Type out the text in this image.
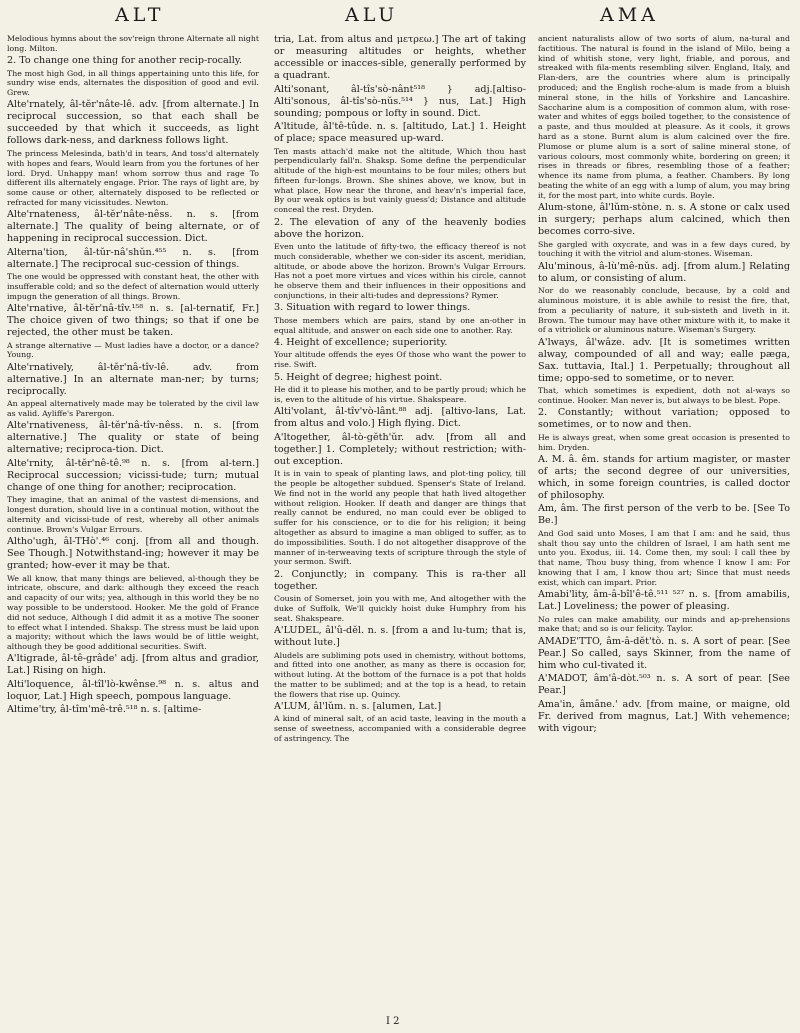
ALT	ALU	AMA

Melodious hymns about the sov'reign throne Alternate all night long. Milton.

2. To change one thing for another recip-rocally.

The most high God, in all things appertaining unto this life, for sundry wise ends, alternates the disposition of good and evil. Grew.

Alte'rnately, âl-tĕr'nâte-lê. adv. [from alternate.] In reciprocal succession, so that each shall be succeeded by that which it succeeds, as light follows dark-ness, and darkness follows light.

The princess Melesinda, bath'd in tears, And toss'd alternately with hopes and fears, Would learn from you the fortunes of her lord. Dryd. Unhappy man! whom sorrow thus and rage To different ills alternately engage. Prior. The rays of light are, by some cause or other, alternately disposed to be reflected or refracted for many vicissitudes. Newton.

Alte'rnateness, âl-tĕr'nâte-nêss. n. s. [from alternate.] The quality of being alternate, or of happening in reciprocal succession. Dict.

Alterna'tion, âl-tŭr-nâ'shŭn.⁴⁵⁵ n. s. [from alternate.] The reciprocal suc-cession of things.

The one would be oppressed with constant heat, the other with insufferable cold; and so the defect of alternation would utterly impugn the generation of all things. Brown.

Alte'rnative, âl-tĕr'nâ-tîv.¹⁵⁸ n. s. [al-ternatif, Fr.] The choice given of two things; so that if one be rejected, the other must be taken.

A strange alternative — Must ladies have a doctor, or a dance? Young.

Alte'rnatively, âl-tĕr'nâ-tîv-lê. adv. from alternative.] In an alternate man-ner; by turns; reciprocally.

An appeal alternatively made may be tolerated by the civil law as valid. Ayliffe's Parergon.

Alte'rnativeness, âl-tĕr'nâ-tîv-nêss. n. s. [from alternative.] The quality or state of being alternative; reciproca-tion. Dict.

Alte'rnity, âl-tĕr'nê-tê.⁹⁸ n. s. [from al-tern.] Reciprocal succession; vicissi-tude; turn; mutual change of one thing for another; reciprocation.

They imagine, that an animal of the vastest di-mensions, and longest duration, should live in a continual motion, without the alternity and vicissi-tude of rest, whereby all other animals continue. Brown's Vulgar Errours.

Altho'ugh, âl-THò'.⁴⁶ conj. [from all and though. See Though.] Notwithstand-ing; however it may be granted; how-ever it may be that.

We all know, that many things are believed, al-though they be intricate, obscure, and dark: although they exceed the reach and capacity of our wits; yea, although in this world they be no way possible to be understood. Hooker. Me the gold of France did not seduce, Although I did admit it as a motive The sooner to effect what I intended. Shaksp. The stress must be laid upon a majority; without which the laws would be of little weight, although they be good additional securities. Swift.

A'ltigrade, âl-tê-grâde' adj. [from altus and gradior, Lat.] Rising on high.

Alti'loquence, âl-tîl'lò-kwênse.⁹⁸ n. s. altus and loquor, Lat.] High speech, pompous language.

Altime'try, âl-tîm'mê-trê.⁵¹⁸ n. s. [altime-

tria, Lat. from altus and μετρεω.] The art of taking or measuring altitudes or heights, whether accessible or inacces-sible, generally performed by a quadrant.

Alti'sonant, âl-tîs'sò-nânt⁵¹⁸ } adj.[altiso- Alti'sonous, âl-tîs'sò-nŭs.⁵¹⁴ } nus, Lat.] High sounding; pompous or lofty in sound. Dict.

A'ltitude, âl'tê-tûde. n. s. [altitudo, Lat.] 1. Height of place; space measured up-ward.

Ten masts attach'd make not the altitude, Which thou hast perpendicularly fall'n. Shaksp. Some define the perpendicular altitude of the high-est mountains to be four miles; others but fifteen fur-longs. Brown. She shines above, we know, but in what place, How near the throne, and heav'n's imperial face, By our weak optics is but vainly guess'd; Distance and altitude conceal the rest. Dryden.

2. The elevation of any of the heavenly bodies above the horizon.

Even unto the latitude of fifty-two, the efficacy thereof is not much considerable, whether we con-sider its ascent, meridian, altitude, or abode above the horizon. Brown's Vulgar Errours. Has not a poet more virtues and vices within his circle, cannot he observe them and their influences in their oppositions and conjunctions, in their alti-tudes and depressions? Rymer.

3. Situation with regard to lower things.

Those members which are pairs, stand by one an-other in equal altitude, and answer on each side one to another. Ray.

4. Height of excellence; superiority.

Your altitude offends the eyes Of those who want the power to rise. Swift.

5. Height of degree; highest point.

He did it to please his mother, and to be partly proud; which he is, even to the altitude of his virtue. Shakspeare.

Alti'volant, âl-tîv'vò-lânt.⁸⁸ adj. [altivo-lans, Lat. from altus and volo.] High flying. Dict.

A'ltogether, âl-tò-gĕth'ŭr. adv. [from all and together.] 1. Completely; without restriction; with-out exception.

It is in vain to speak of planting laws, and plot-ting policy, till the people be altogether subdued. Spenser's State of Ireland. We find not in the world any people that hath lived altogether without religion. Hooker. If death and danger are things that really cannot be endured, no man could ever be obliged to suffer for his conscience, or to die for his religion; it being altogether as absurd to imagine a man obliged to suffer, as to do impossibilities. South. I do not altogether disapprove of the manner of in-terweaving texts of scripture through the style of your sermon. Swift.

2. Conjunctly; in company. This is ra-ther all together.

Cousin of Somerset, join you with me, And altogether with the duke of Suffolk, We'll quickly hoist duke Humphry from his seat. Shakspeare.

A'LUDEL, âl'û-dĕl. n. s. [from a and lu-tum; that is, without lute.]

Aludels are subliming pots used in chemistry, without bottoms, and fitted into one another, as many as there is occasion for, without luting. At the bottom of the furnace is a pot that holds the matter to be sublimed; and at the top is a head, to retain the flowers that rise up. Quincy.

A'LUM, âl'lŭm. n. s. [alumen, Lat.]

A kind of mineral salt, of an acid taste, leaving in the mouth a sense of sweetness, accompanied with a considerable degree of astringency. The

ancient naturalists allow of two sorts of alum, na-tural and factitious. The natural is found in the island of Milo, being a kind of whitish stone, very light, friable, and porous, and streaked with fila-ments resembling silver. England, Italy, and Flan-ders, are the countries where alum is principally produced; and the English roche-alum is made from a bluish mineral stone, in the hills of Yorkshire and Lancashire. Saccharine alum is a composition of common alum, with rose-water and whites of eggs boiled together, to the consistence of a paste, and thus moulded at pleasure. As it cools, it grows hard as a stone. Burnt alum is alum calcined over the fire. Plumose or plume alum is a sort of saline mineral stone, of various colours, most commonly white, bordering on green; it rises in threads or fibres, resembling those of a feather; whence its name from pluma, a feather. Chambers. By long beating the white of an egg with a lump of alum, you may bring it, for the most part, into white curds. Boyle.

Alum-stone, âl'lŭm-stòne. n. s. A stone or calx used in surgery; perhaps alum calcined, which then becomes corro-sive.

She gargled with oxycrate, and was in a few days cured, by touching it with the vitriol and alum-stones. Wiseman.

Alu'minous, â-lù'mê-nŭs. adj. [from alum.] Relating to alum, or consisting of alum.

Nor do we reasonably conclude, because, by a cold and aluminous moisture, it is able awhile to resist the fire, that, from a peculiarity of nature, it sub-sisteth and liveth in it. Brown. The tumour may have other mixture with it, to make it of a vitriolick or aluminous nature. Wiseman's Surgery.

A'lways, âl'wâze. adv. [It is sometimes written alway, compounded of all and way; ealle pæga, Sax. tuttavia, Ital.] 1. Perpetually; throughout all time; oppo-sed to sometime, or to never.

That, which sometimes is expedient, doth not al-ways so continue. Hooker. Man never is, but always to be blest. Pope.

2. Constantly; without variation; opposed to sometimes, or to now and then.

He is always great, when some great occasion is presented to him. Dryden.

A. M. â. êm. stands for artium magister, or master of arts; the second degree of our universities, which, in some foreign countries, is called doctor of philosophy.

Am, âm. The first person of the verb to be. [See To Be.]

And God said unto Moses, I am that I am: and he said, thus shalt thou say unto the children of Israel, I am hath sent me unto you. Exodus, iii. 14. Come then, my soul: I call thee by that name, Thou busy thing, from whence I know I am: For knowing that I am, I know thou art; Since that must needs exist, which can impart. Prior.

Amabi'lity, âm-â-bîl'ê-tê.⁵¹¹ ⁵²⁷ n. s. [from amabilis, Lat.] Loveliness; the power of pleasing.

No rules can make amability, our minds and ap-prehensions make that; and so is our felicity. Taylor.

AMADE'TTO, âm-â-dĕt'tò. n. s. A sort of pear. [See Pear.] So called, says Skinner, from the name of him who cul-tivated it.

A'MADOT, âm'â-dòt.⁵⁰³ n. s. A sort of pear. [See Pear.]

Ama'in, âmâne.' adv. [from maine, or maigne, old Fr. derived from magnus, Lat.] With vehemence; with vigour;

I 2
